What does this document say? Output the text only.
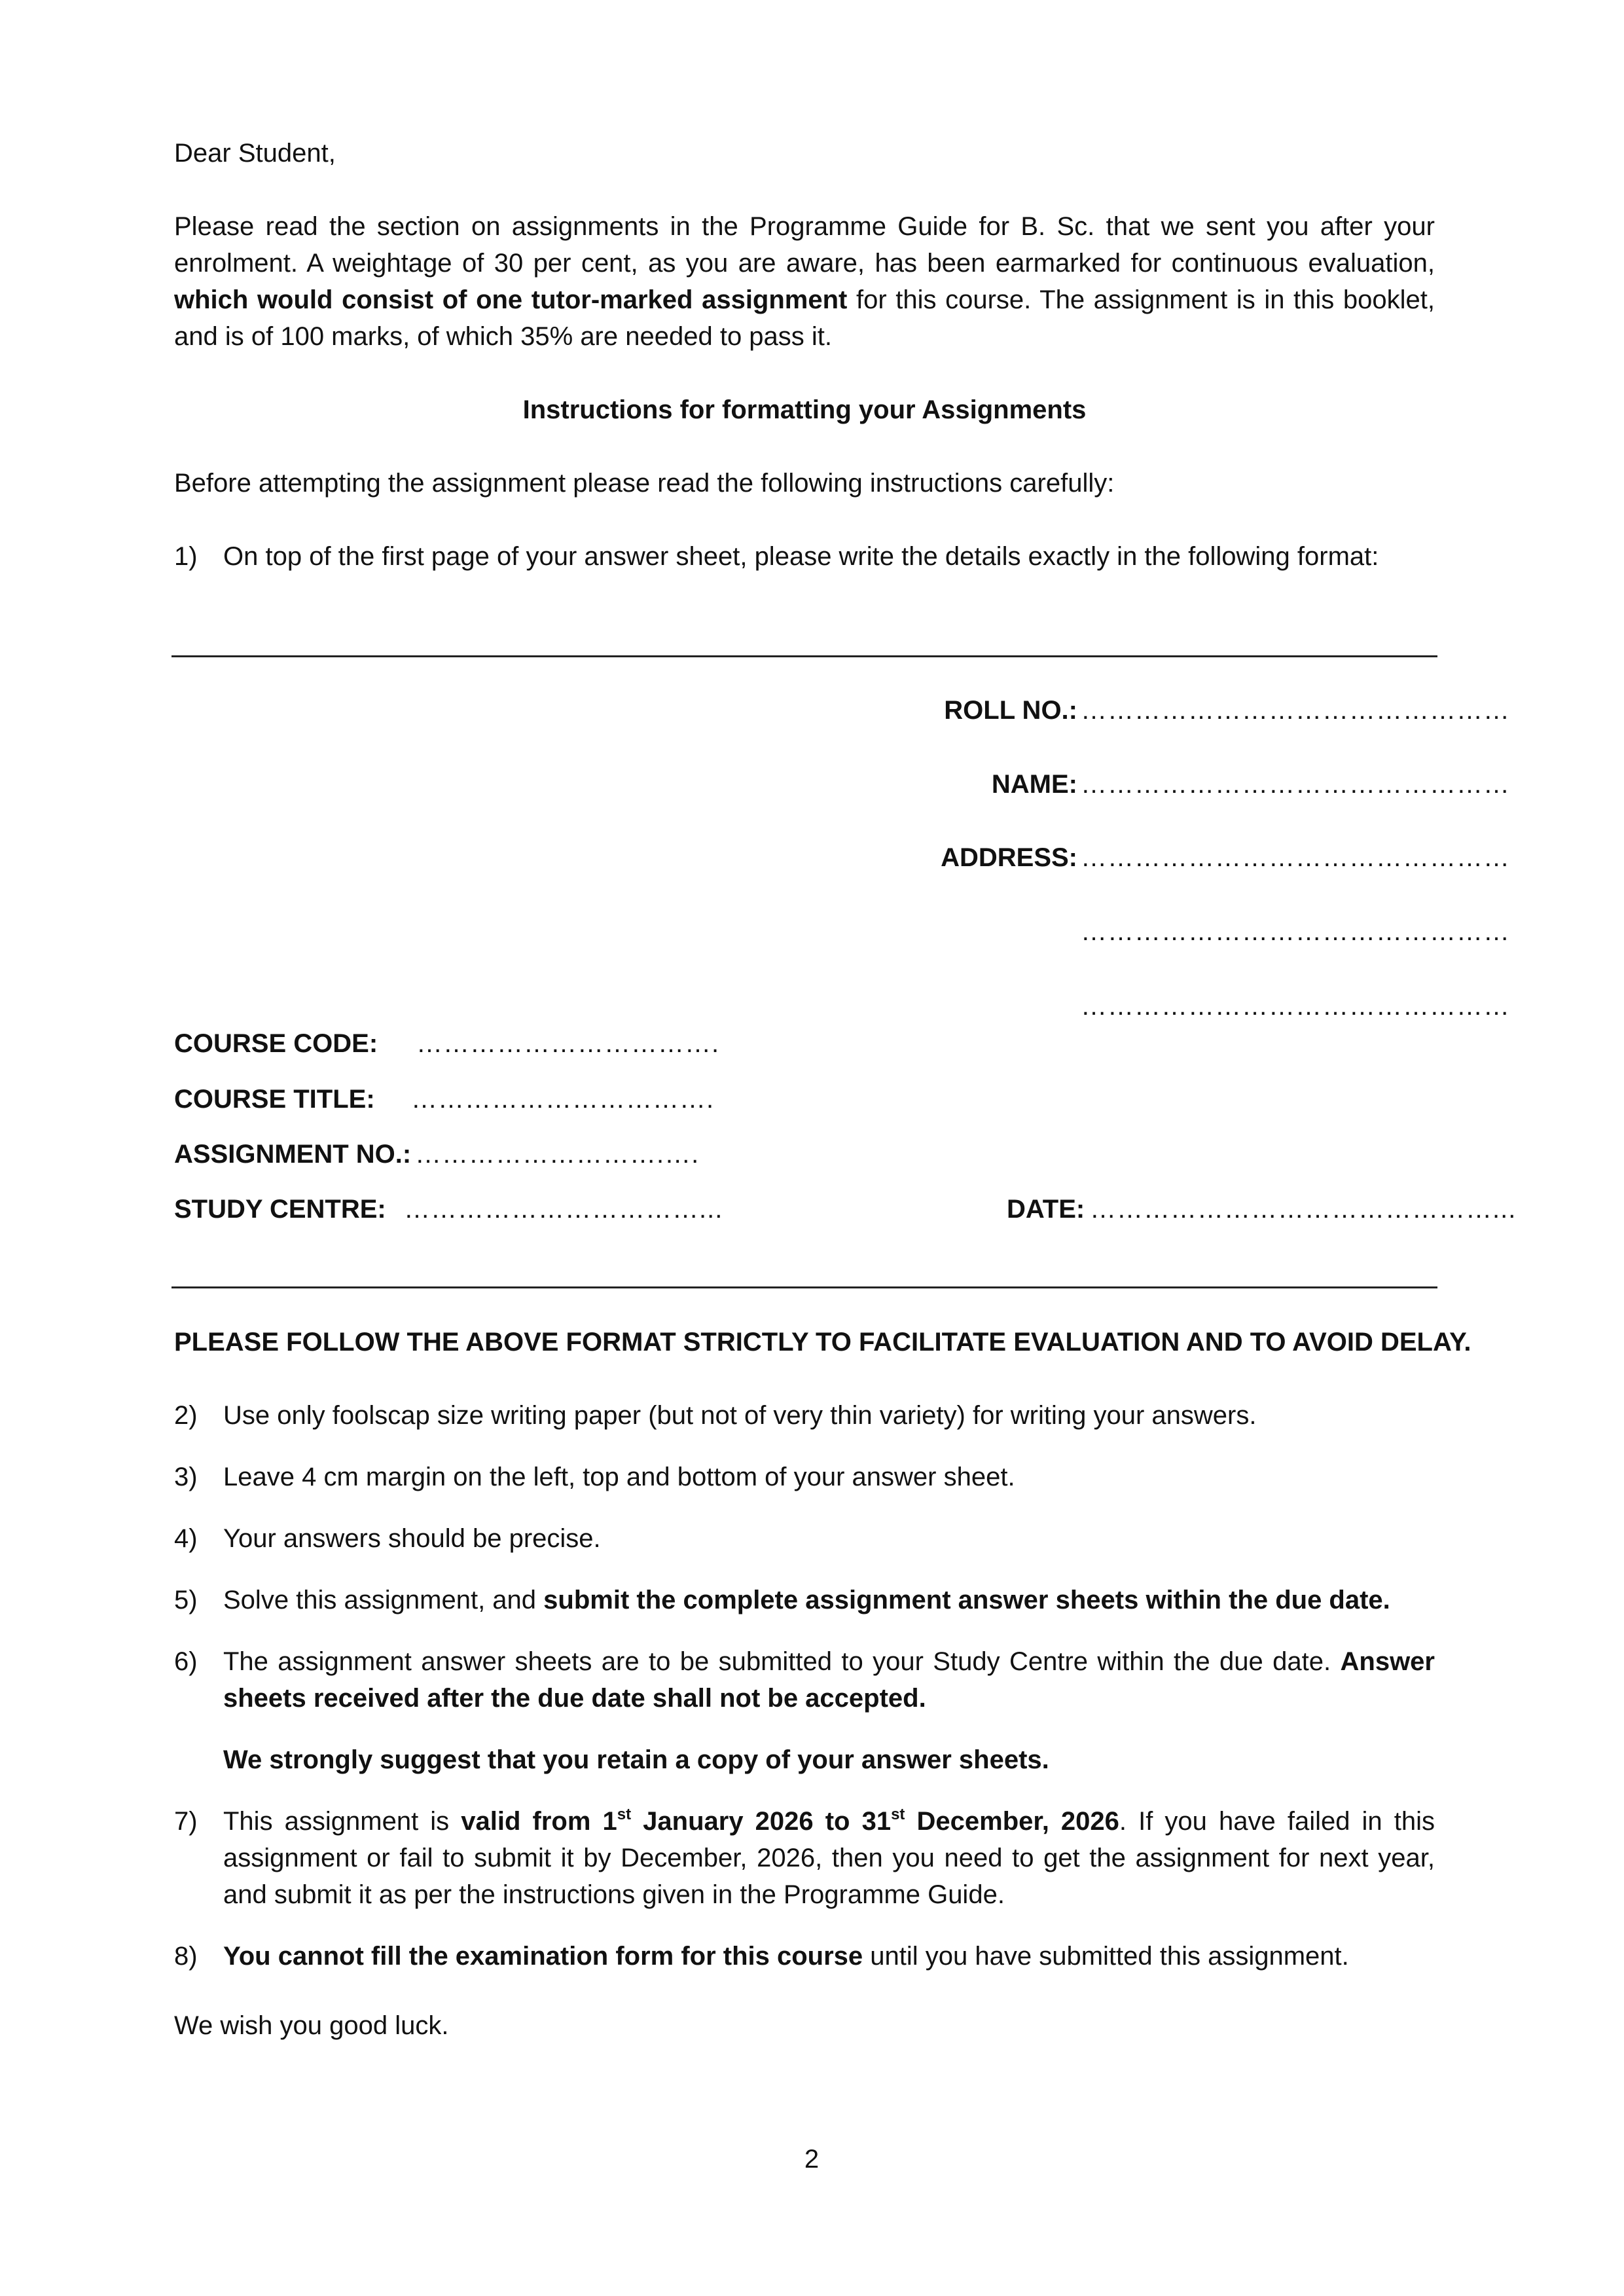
Dear Student,
Please read the section on assignments in the Programme Guide for B. Sc. that we sent you after your enrolment. A weightage of 30 per cent, as you are aware, has been earmarked for continuous evaluation, which would consist of one tutor-marked assignment for this course. The assignment is in this booklet, and is of 100 marks, of which 35% are needed to pass it.
Instructions for formatting your Assignments
Before attempting the assignment please read the following instructions carefully:
1) On top of the first page of your answer sheet, please write the details exactly in the following format:
ROLL NO.: …………………………………………
NAME: …………………………………………
ADDRESS: …………………………………………
…………………………………………
…………………………………………
COURSE CODE: …………………………….
COURSE TITLE: …………………………….
ASSIGNMENT NO.: ……………………….….
STUDY CENTRE: ……………………………...	DATE: ………………………………………...
PLEASE FOLLOW THE ABOVE FORMAT STRICTLY TO FACILITATE EVALUATION AND TO AVOID DELAY.
2) Use only foolscap size writing paper (but not of very thin variety) for writing your answers.
3) Leave 4 cm margin on the left, top and bottom of your answer sheet.
4) Your answers should be precise.
5) Solve this assignment, and submit the complete assignment answer sheets within the due date.
6) The assignment answer sheets are to be submitted to your Study Centre within the due date. Answer sheets received after the due date shall not be accepted.
We strongly suggest that you retain a copy of your answer sheets.
7) This assignment is valid from 1st January 2026 to 31st December, 2026. If you have failed in this assignment or fail to submit it by December, 2026, then you need to get the assignment for next year, and submit it as per the instructions given in the Programme Guide.
8) You cannot fill the examination form for this course until you have submitted this assignment.
We wish you good luck.
2
